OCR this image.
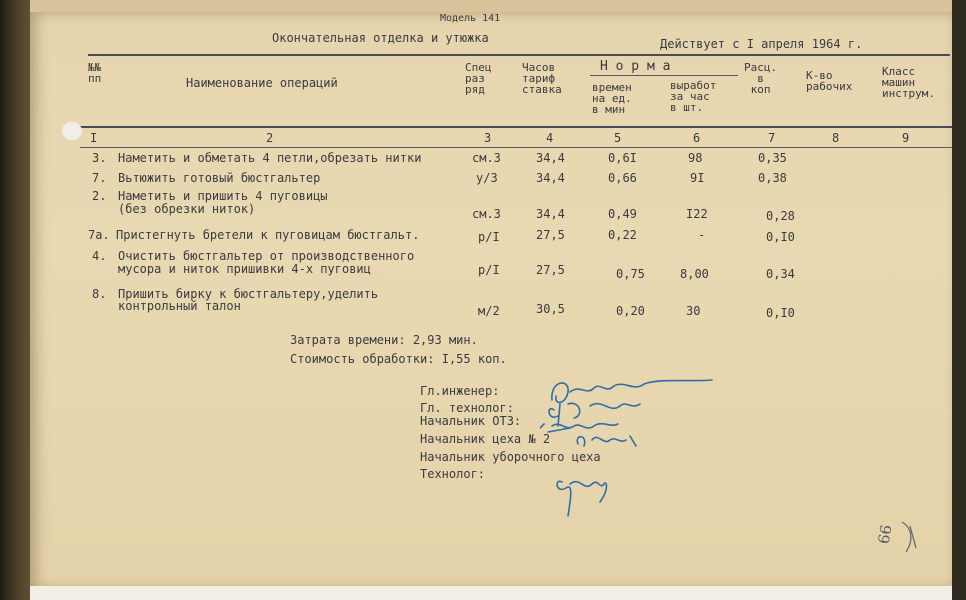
Модель 141
Окончательная отделка и утюжка	Действует с I апреля 1964 г.
№№
пп	Наименование операций
Спец
раз
ряд
Часов
тариф
ставка
Н о р м а
времен
на ед.
в мин
выработ
за час
в шт.
Расц.
в
коп
К-во
рабочих
Класс
машин
инструм.
I	2	3	4	5	6	7	8	9
3. Наметить и обметать 4 петли,обрезать нитки	см.3	34,4	0,6I	98	0,35
7. Вьтюжить готовый бюстгальтер	у/3	34,4	0,66	9I	0,38
2. Наметить и пришить 4 пуговицы
(без обрезки ниток)	см.3	34,4	0,49	I22	0,28
7а. Пристегнуть бретели к пуговицам бюстгальт.	р/I	27,5	0,22	-	0,I0
4. Очистить бюстгальтер от производственного
мусора и ниток пришивки 4-х пуговиц	р/I	27,5	0,75	8,00	0,34
8. Пришить бирку к бюстгальтеру,уделить
контрольный талон	м/2	30,5	0,20	30	0,I0
Затрата времени: 2,93 мин.
Стоимость обработки: I,55 коп.
Гл.инженер:
Гл. технолог:
Начальник ОТЗ:
Начальник цеха № 2
Начальник уборочного цеха
Технолог:
66
